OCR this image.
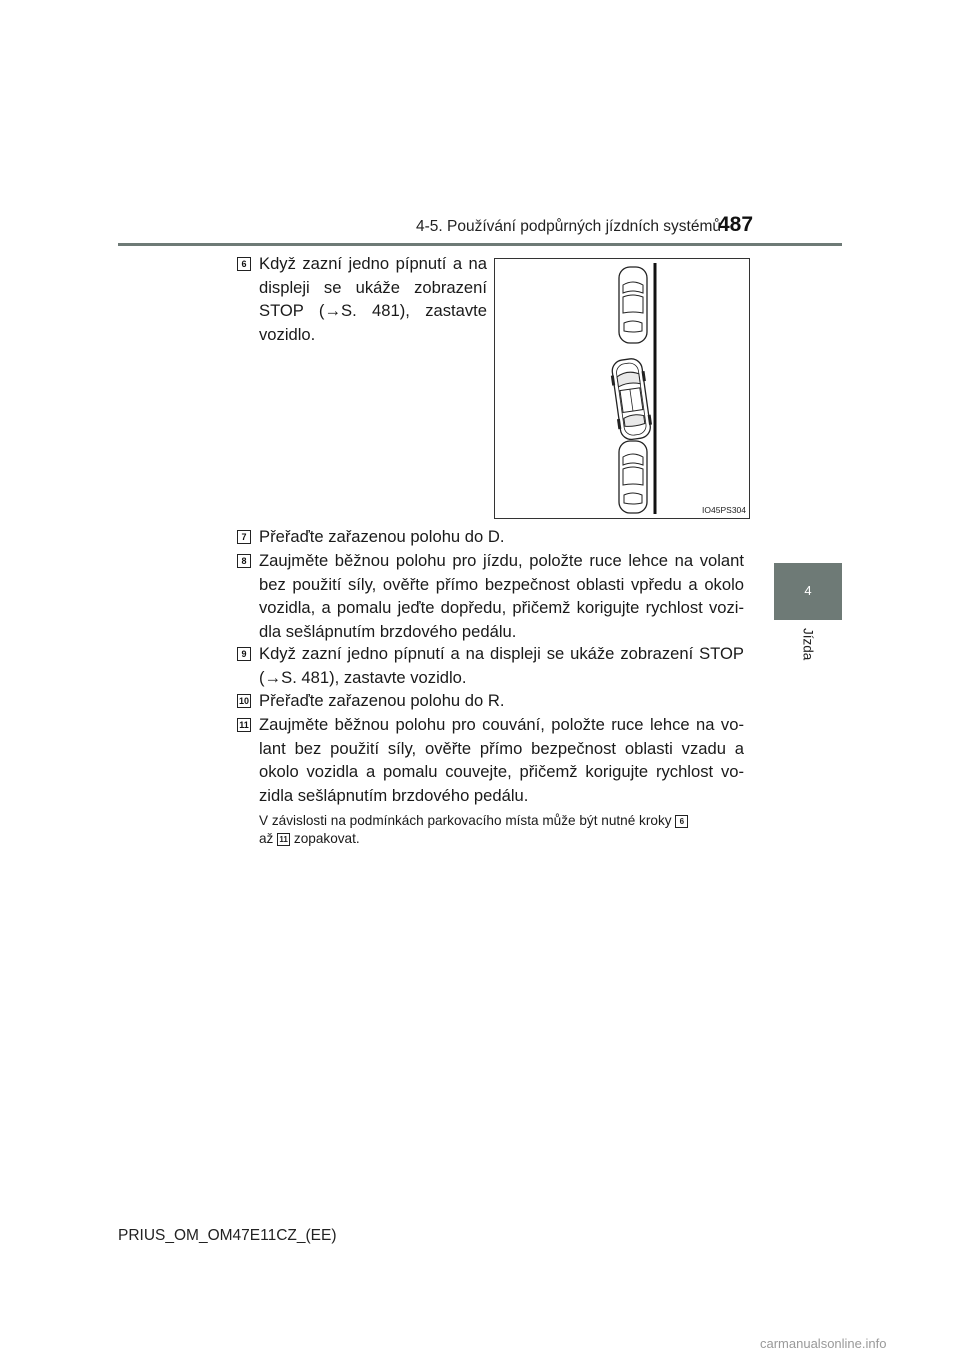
4-5. Používání podpůrných jízdních systémů
487
4
Jízda
6 Když zazní jedno pípnutí a na displeji se ukáže zobrazení STOP (→S. 481), zastavte vozidlo.
IO45PS304
7 Přeřaďte zařazenou polohu do D.
8 Zaujměte běžnou polohu pro jízdu, položte ruce lehce na volant bez použití síly, ověřte přímo bezpečnost oblasti vpředu a okolo vozidla, a pomalu jeďte dopředu, přičemž korigujte rychlost vozi-dla sešlápnutím brzdového pedálu.
9 Když zazní jedno pípnutí a na displeji se ukáže zobrazení STOP (→S. 481), zastavte vozidlo.
10 Přeřaďte zařazenou polohu do R.
11 Zaujměte běžnou polohu pro couvání, položte ruce lehce na vo-lant bez použití síly, ověřte přímo bezpečnost oblasti vzadu a okolo vozidla a pomalu couvejte, přičemž korigujte rychlost vo-zidla sešlápnutím brzdového pedálu.
V závislosti na podmínkách parkovacího místa může být nutné kroky 6
až 11 zopakovat.
PRIUS_OM_OM47E11CZ_(EE)
carmanualsonline.info
